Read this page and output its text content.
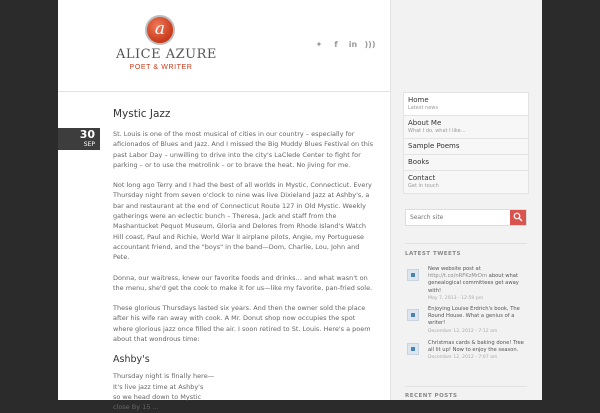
a
ALICE AZURE
POET & WRITER
✦	f	in )))
30
SEP
Mystic Jazz

St. Louis is one of the most musical of cities in our country – especially for aficionados of Blues and Jazz. And I missed the Big Muddy Blues Festival on this past Labor Day – unwilling to drive into the city's LaClede Center to fight for parking – or to use the metrolink – or to brave the heat. No jiving for me.

Not long ago Terry and I had the best of all worlds in Mystic, Connecticut. Every Thursday night from seven o'clock to nine was live Dixieland Jazz at Ashby's, a bar and restaurant at the end of Connecticut Route 127 in Old Mystic. Weekly gatherings were an eclectic bunch – Theresa, Jack and staff from the Mashantucket Pequot Museum, Gloria and Delores from Rhode Island's Watch Hill coast, Paul and Richie, World War II airplane pilots, Angie, my Portuguese accountant friend, and the "boys" in the band—Dom, Charlie, Lou, John and Pete.

Donna, our waitress, knew our favorite foods and drinks… and what wasn't on the menu, she'd get the cook to make it for us—like my favorite, pan-fried sole.

These glorious Thursdays lasted six years. And then the owner sold the place after his wife ran away with cook. A Mr. Donut shop now occupies the spot where glorious jazz once filled the air. I soon retired to St. Louis. Here's a poem about that wondrous time:

Ashby's
Thursday night is finally here—
It's live jazz time at Ashby's
so we head down to Mystic
close By 15 ...
Home
Latest news
About Me
What I do, what I like...
Sample Poems
Books
Contact
Get in touch
Search site
LATEST TWEETS
New website post at http://t.co/nRFKzMrDm about what genealogical committees get away with!
May 7, 2013 - 12:59 pm
Enjoying Louise Erdrich's book, The Round House. What a genius of a writer!
December 12, 2012 - 7:12 am
Christmas cards & baking done! Tree all lit up! Now to enjoy the season.
December 12, 2012 - 7:07 am
RECENT POSTS
